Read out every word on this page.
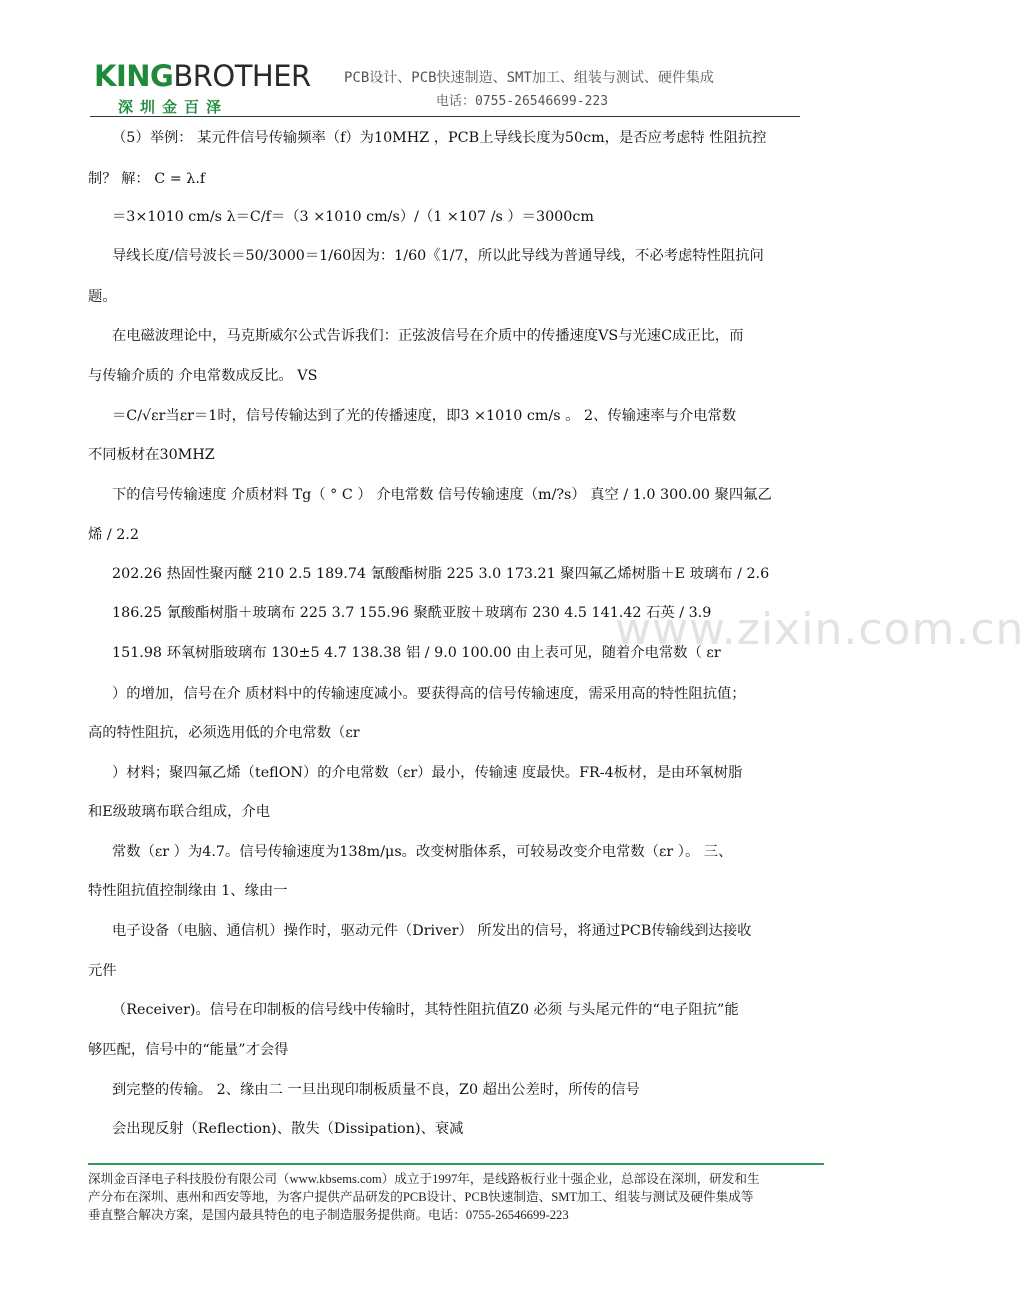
KINGBROTHER
深圳金百泽
PCB设计、PCB快速制造、SMT加工、组装与测试、硬件集成
电话：0755-26546699-223
（5）举例： 某元件信号传输频率（f）为10MHZ ，PCB上导线长度为50cm，是否应考虑特 性阻抗控
制？ 解： C = λ.f
＝3×1010 cm/s λ＝C/f＝（3 ×1010 cm/s）/（1 ×107 /s ）＝3000cm
导线长度/信号波长＝50/3000＝1/60因为：1/60《1/7，所以此导线为普通导线，不必考虑特性阻抗问
题。
在电磁波理论中，马克斯威尔公式告诉我们：正弦波信号在介质中的传播速度VS与光速C成正比，而
与传输介质的 介电常数成反比。 VS
＝C/√εr当εr＝1时，信号传输达到了光的传播速度，即3 ×1010 cm/s 。 2、传输速率与介电常数
不同板材在30MHZ
下的信号传输速度 介质材料 Tg（ ° C ） 介电常数 信号传输速度（m/?s） 真空 / 1.0 300.00 聚四氟乙
烯 / 2.2
202.26 热固性聚丙醚 210 2.5 189.74 氰酸酯树脂 225 3.0 173.21 聚四氟乙烯树脂＋E 玻璃布 / 2.6
186.25 氰酸酯树脂＋玻璃布 225 3.7 155.96 聚酰亚胺＋玻璃布 230 4.5 141.42 石英 / 3.9
151.98 环氧树脂玻璃布 130±5 4.7 138.38 铝 / 9.0 100.00 由上表可见，随着介电常数（ εr
）的增加，信号在介 质材料中的传输速度减小。要获得高的信号传输速度，需采用高的特性阻抗值；
高的特性阻抗，必须选用低的介电常数（εr
）材料；聚四氟乙烯（teflON）的介电常数（εr）最小，传输速 度最快。FR-4板材，是由环氧树脂
和E级玻璃布联合组成，介电
常数（εr ）为4.7。信号传输速度为138m/μs。改变树脂体系，可较易改变介电常数（εr ）。 三、
特性阻抗值控制缘由 1、缘由一
电子设备（电脑、通信机）操作时，驱动元件（Driver） 所发出的信号，将通过PCB传输线到达接收
元件
（Receiver)。信号在印制板的信号线中传输时，其特性阻抗值Z0 必须 与头尾元件的“电子阻抗”能
够匹配，信号中的“能量”才会得
到完整的传输。 2、缘由二 一旦出现印制板质量不良，Z0 超出公差时，所传的信号
会出现反射（Reflection)、散失（Dissipation)、衰减
www.zixin.com.cn
深圳金百泽电子科技股份有限公司（www.kbsems.com）成立于1997年，是线路板行业十强企业，总部设在深圳，研发和生
产分布在深圳、惠州和西安等地，为客户提供产品研发的PCB设计、PCB快速制造、SMT加工、组装与测试及硬件集成等
垂直整合解决方案，是国内最具特色的电子制造服务提供商。电话：0755-26546699-223
